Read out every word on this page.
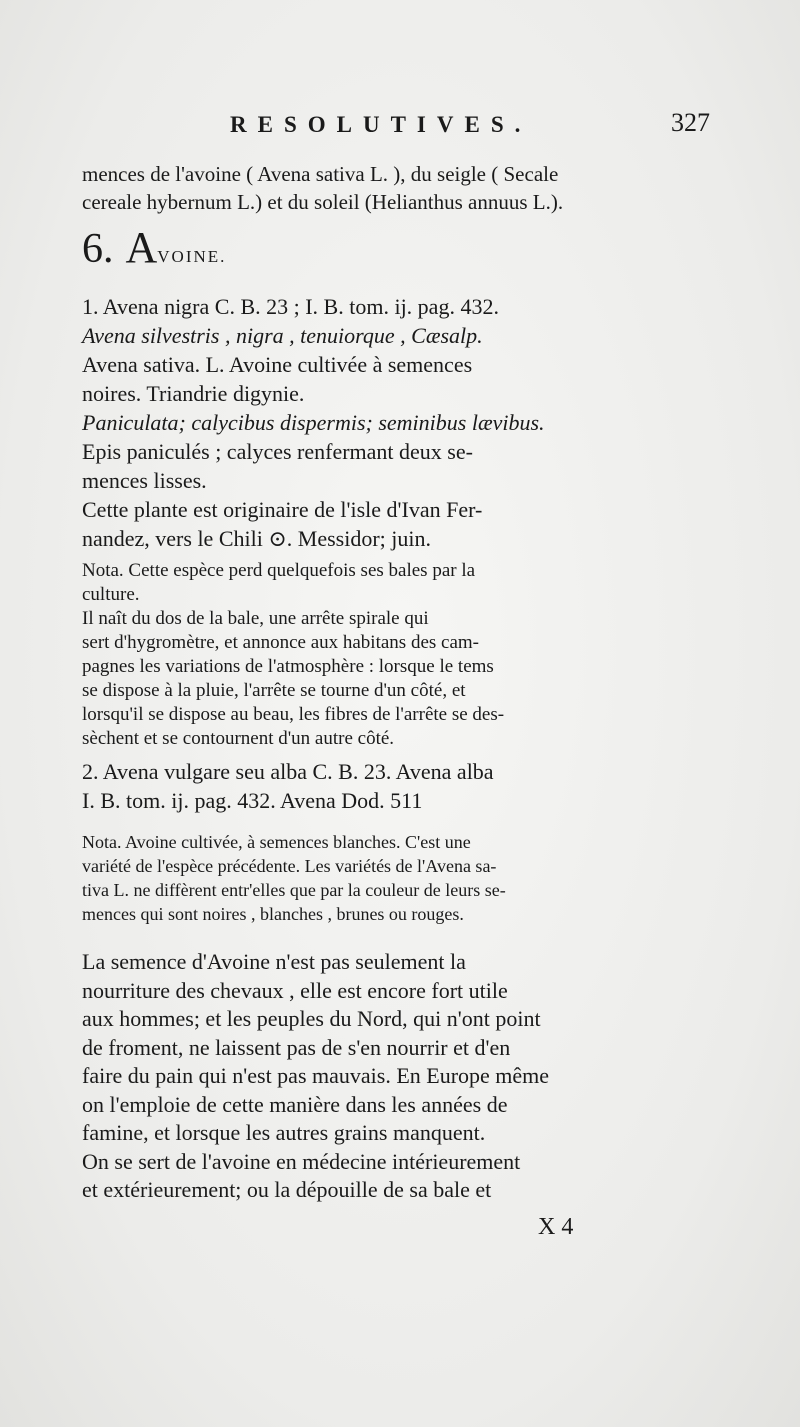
RESOLUTIVES.	327
mences de l'avoine ( Avena sativa L. ), du seigle ( Secale
cereale hybernum L.) et du soleil (Helianthus annuus L.).
6. AVOINE.
1. Avena nigra C. B. 23 ; I. B. tom. ij. pag. 432.
Avena silvestris , nigra , tenuiorque , Cæsalp.
Avena sativa. L. Avoine cultivée à semences
noires. Triandrie digynie.
Paniculata; calycibus dispermis; seminibus lævibus.
Epis paniculés ; calyces renfermant deux se-
mences lisses.
Cette plante est originaire de l'isle d'Ivan Fer-
nandez, vers le Chili ⊙. Messidor; juin.
Nota. Cette espèce perd quelquefois ses bales par la
culture.
Il naît du dos de la bale, une arrête spirale qui
sert d'hygromètre, et annonce aux habitans des cam-
pagnes les variations de l'atmosphère : lorsque le tems
se dispose à la pluie, l'arrête se tourne d'un côté, et
lorsqu'il se dispose au beau, les fibres de l'arrête se des-
sèchent et se contournent d'un autre côté.
2. Avena vulgare seu alba C. B. 23. Avena alba
I. B. tom. ij. pag. 432. Avena Dod. 511
Nota. Avoine cultivée, à semences blanches. C'est une
variété de l'espèce précédente. Les variétés de l'Avena sa-
tiva L. ne diffèrent entr'elles que par la couleur de leurs se-
mences qui sont noires , blanches , brunes ou rouges.
La semence d'Avoine n'est pas seulement la
nourriture des chevaux , elle est encore fort utile
aux hommes; et les peuples du Nord, qui n'ont point
de froment, ne laissent pas de s'en nourrir et d'en
faire du pain qui n'est pas mauvais. En Europe même
on l'emploie de cette manière dans les années de
famine, et lorsque les autres grains manquent.
On se sert de l'avoine en médecine intérieurement
et extérieurement; ou la dépouille de sa bale et
X 4
